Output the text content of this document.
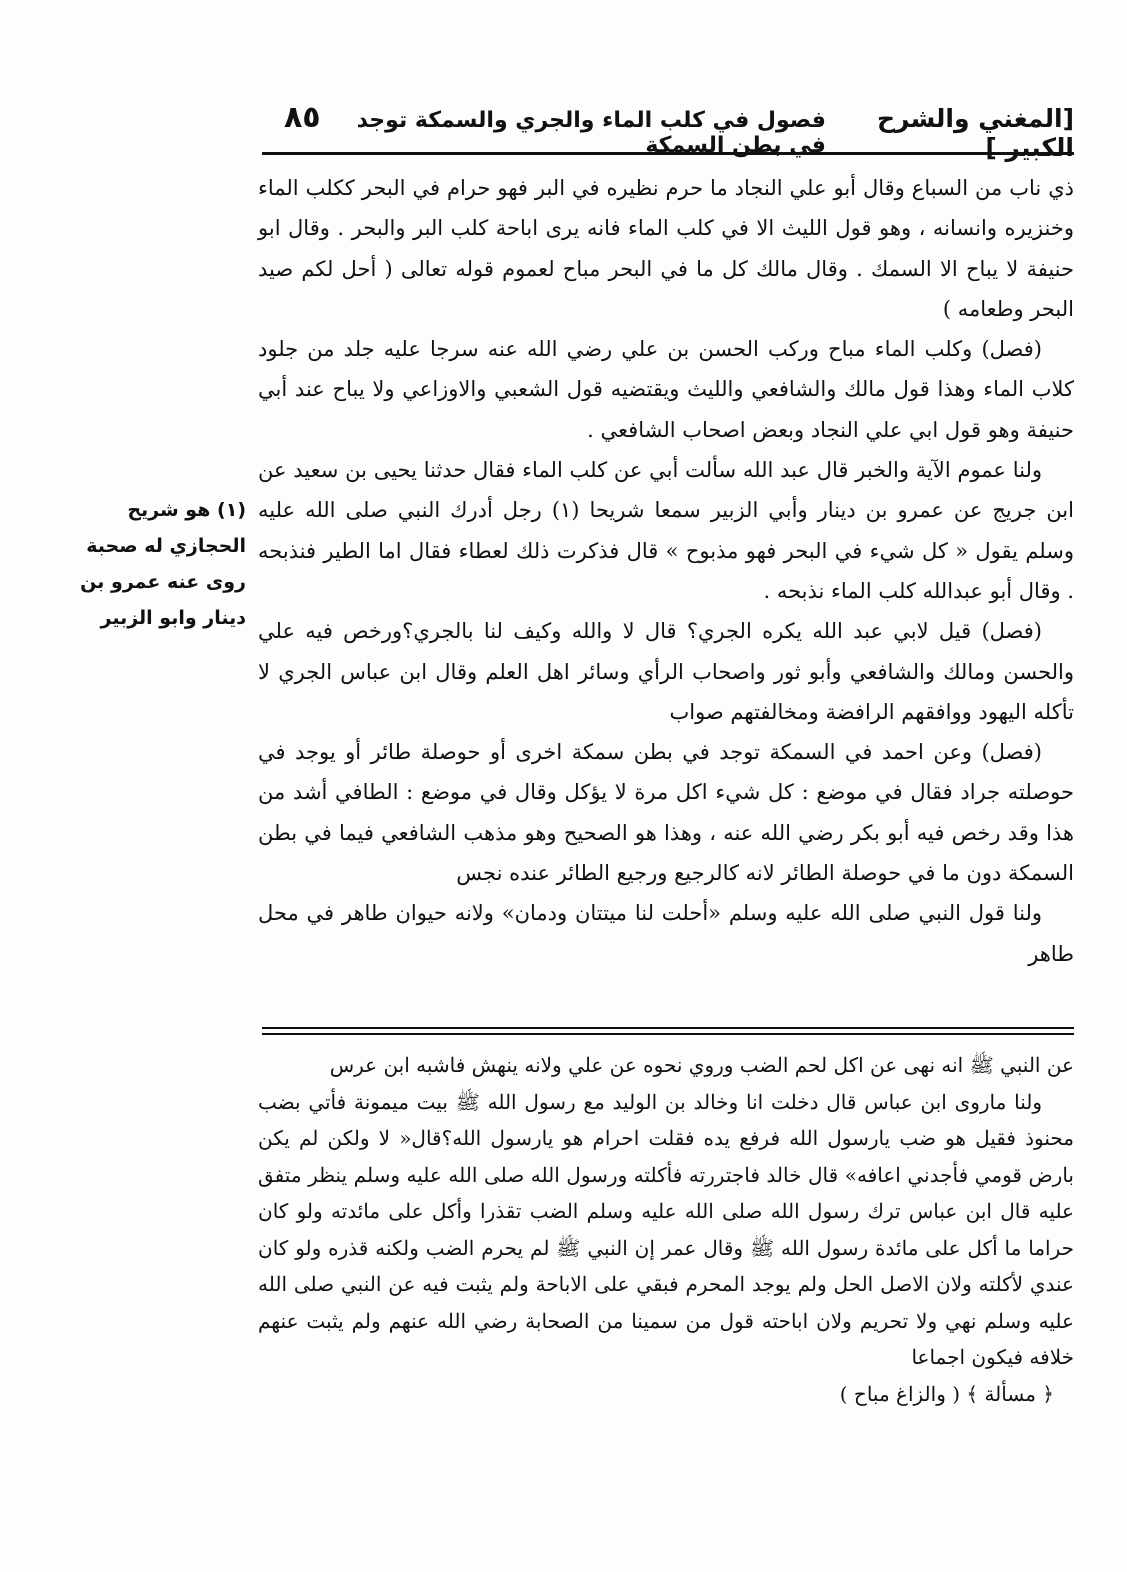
[المغني والشرح الكبير ]
فصول في كلب الماء والجري والسمكة توجد في بطن السمكة
٨٥

ذي ناب من السباع وقال أبو علي النجاد ما حرم نظيره في البر فهو حرام في البحر ككلب الماء وخنزيره وانسانه ، وهو قول الليث الا في كلب الماء فانه يرى اباحة كلب البر والبحر . وقال ابو حنيفة لا يباح الا السمك . وقال مالك كل ما في البحر مباح لعموم قوله تعالى ( أحل لكم صيد البحر وطعامه )

(فصل) وكلب الماء مباح وركب الحسن بن علي رضي الله عنه سرجا عليه جلد من جلود كلاب الماء وهذا قول مالك والشافعي والليث ويقتضيه قول الشعبي والاوزاعي ولا يباح عند أبي حنيفة وهو قول ابي علي النجاد وبعض اصحاب الشافعي .

ولنا عموم الآية والخبر قال عبد الله سألت أبي عن كلب الماء فقال حدثنا يحيى بن سعيد عن ابن جريج عن عمرو بن دينار وأبي الزبير سمعا شريحا (١) رجل أدرك النبي صلى الله عليه وسلم يقول « كل شيء في البحر فهو مذبوح » قال فذكرت ذلك لعطاء فقال اما الطير فنذبحه . وقال أبو عبدالله كلب الماء نذبحه .

(فصل) قيل لابي عبد الله يكره الجري؟ قال لا والله وكيف لنا بالجري؟ورخص فيه علي والحسن ومالك والشافعي وأبو ثور واصحاب الرأي وسائر اهل العلم وقال ابن عباس الجري لا تأكله اليهود ووافقهم الرافضة ومخالفتهم صواب

(فصل) وعن احمد في السمكة توجد في بطن سمكة اخرى أو حوصلة طائر أو يوجد في حوصلته جراد فقال في موضع : كل شيء اكل مرة لا يؤكل وقال في موضع : الطافي أشد من هذا وقد رخص فيه أبو بكر رضي الله عنه ، وهذا هو الصحيح وهو مذهب الشافعي فيما في بطن السمكة دون ما في حوصلة الطائر لانه كالرجيع ورجيع الطائر عنده نجس

ولنا قول النبي صلى الله عليه وسلم «أحلت لنا ميتتان ودمان» ولانه حيوان طاهر في محل طاهر

(١) هو شريح الحجازي له صحبة روى عنه عمرو بن دينار وابو الزبير

عن النبي ﷺ انه نهى عن اكل لحم الضب وروي نحوه عن علي ولانه ينهش فاشبه ابن عرس

ولنا ماروى ابن عباس قال دخلت انا وخالد بن الوليد مع رسول الله ﷺ بيت ميمونة فأتي بضب محنوذ فقيل هو ضب يارسول الله فرفع يده فقلت احرام هو يارسول الله؟قال« لا ولكن لم يكن بارض قومي فأجدني اعافه» قال خالد فاجتررته فأكلته ورسول الله صلى الله عليه وسلم ينظر متفق عليه قال ابن عباس ترك رسول الله صلى الله عليه وسلم الضب تقذرا وأكل على مائدته ولو كان حراما ما أكل على مائدة رسول الله ﷺ وقال عمر إن النبي ﷺ لم يحرم الضب ولكنه قذره ولو كان عندي لأكلته ولان الاصل الحل ولم يوجد المحرم فبقي على الاباحة ولم يثبت فيه عن النبي صلى الله عليه وسلم نهي ولا تحريم ولان اباحته قول من سمينا من الصحابة رضي الله عنهم ولم يثبت عنهم خلافه فيكون اجماعا

﴿ مسألة ﴾ ( والزاغ مباح )
